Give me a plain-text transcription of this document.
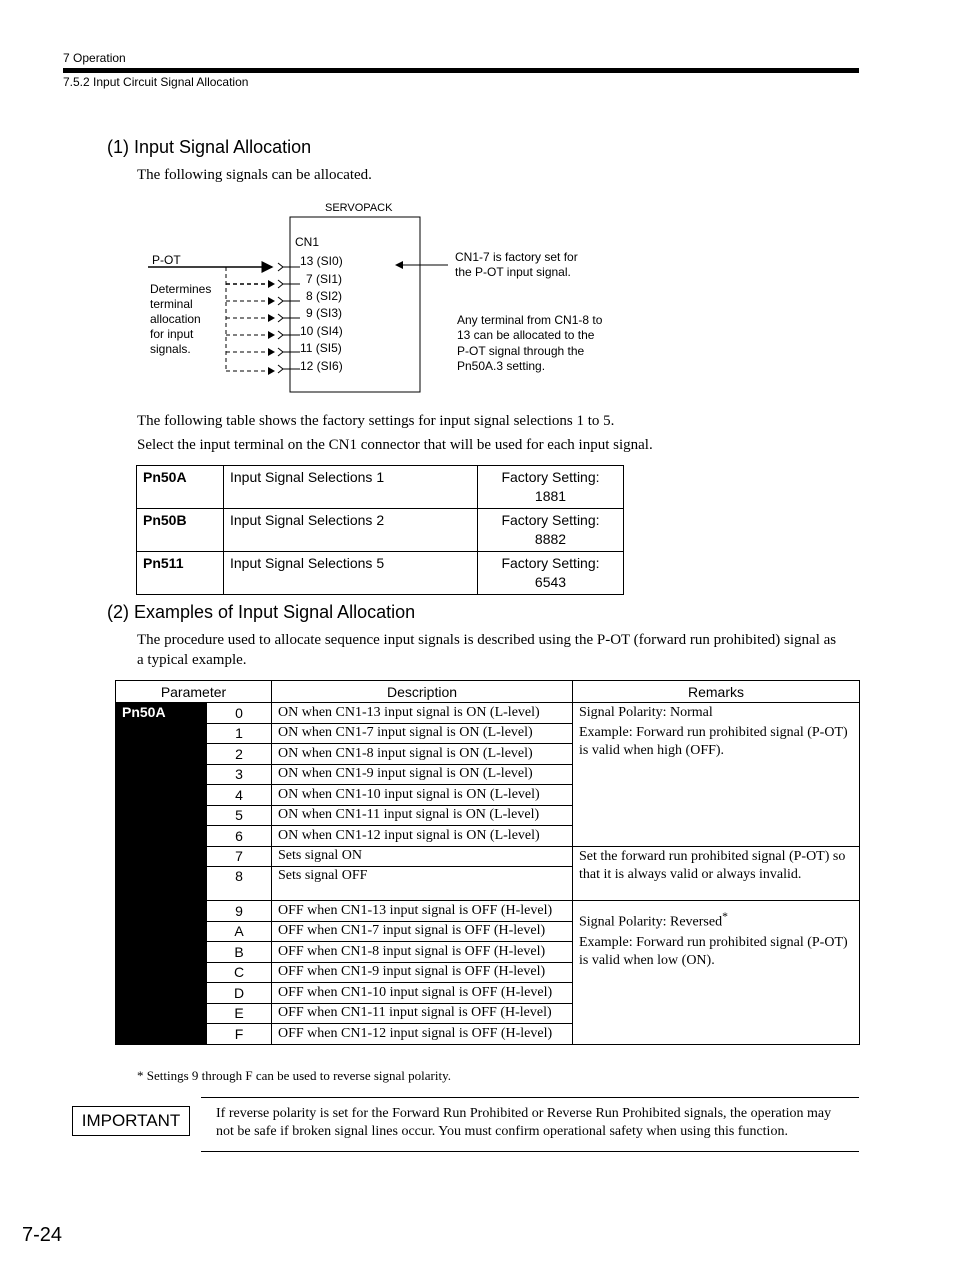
7 Operation
7.5.2 Input Circuit Signal Allocation
(1) Input Signal Allocation
The following signals can be allocated.
SERVOPACK
CN1
P-OT	13 (SI0)
7 (SI1)
8 (SI2)
9 (SI3)
10 (SI4)
11 (SI5)
12 (SI6)
Determines
terminal
allocation
for input
signals.
CN1-7 is factory set for
the P-OT input signal.
Any terminal from CN1-8 to
13 can be allocated to the
P-OT signal through the
Pn50A.3 setting.
The following table shows the factory settings for input signal selections 1 to 5.
Select the input terminal on the CN1 connector that will be used for each input signal.
Pn50A	Input Signal Selections 1	Factory Setting:
1881
Pn50B	Input Signal Selections 2	Factory Setting:
8882
Pn511	Input Signal Selections 5	Factory Setting:
6543
(2) Examples of Input Signal Allocation
The procedure used to allocate sequence input signals is described using the P-OT (forward run prohibited) signal as a typical example.
Parameter		Description	Remarks
Pn50A	0	ON when CN1-13 input signal is ON (L-level)	Signal Polarity: Normal

Example: Forward run prohibited signal (P-OT) is valid when high (OFF).

	1	ON when CN1-7 input signal is ON (L-level)	
	2	ON when CN1-8 input signal is ON (L-level)	
	3	ON when CN1-9 input signal is ON (L-level)	
	4	ON when CN1-10 input signal is ON (L-level)	
	5	ON when CN1-11 input signal is ON (L-level)	
	6	ON when CN1-12 input signal is ON (L-level)	
	7	Sets signal ON	Set the forward run prohibited signal (P-OT) so that it is always valid or always invalid.
	8	Sets signal OFF	
	9	OFF when CN1-13 input signal is OFF (H-level)	Signal Polarity: Reversed*
Example: Forward run prohibited signal (P-OT) is valid when low (ON).

	A	OFF when CN1-7 input signal is OFF (H-level)	
	B	OFF when CN1-8 input signal is OFF (H-level)	
	C	OFF when CN1-9 input signal is OFF (H-level)	
	D	OFF when CN1-10 input signal is OFF (H-level)	
	E	OFF when CN1-11 input signal is OFF (H-level)	
	F	OFF when CN1-12 input signal is OFF (H-level)	
* Settings 9 through F can be used to reverse signal polarity.
IMPORTANT	If reverse polarity is set for the Forward Run Prohibited or Reverse Run Prohibited signals, the operation may not be safe if broken signal lines occur. You must confirm operational safety when using this function.
7-24
